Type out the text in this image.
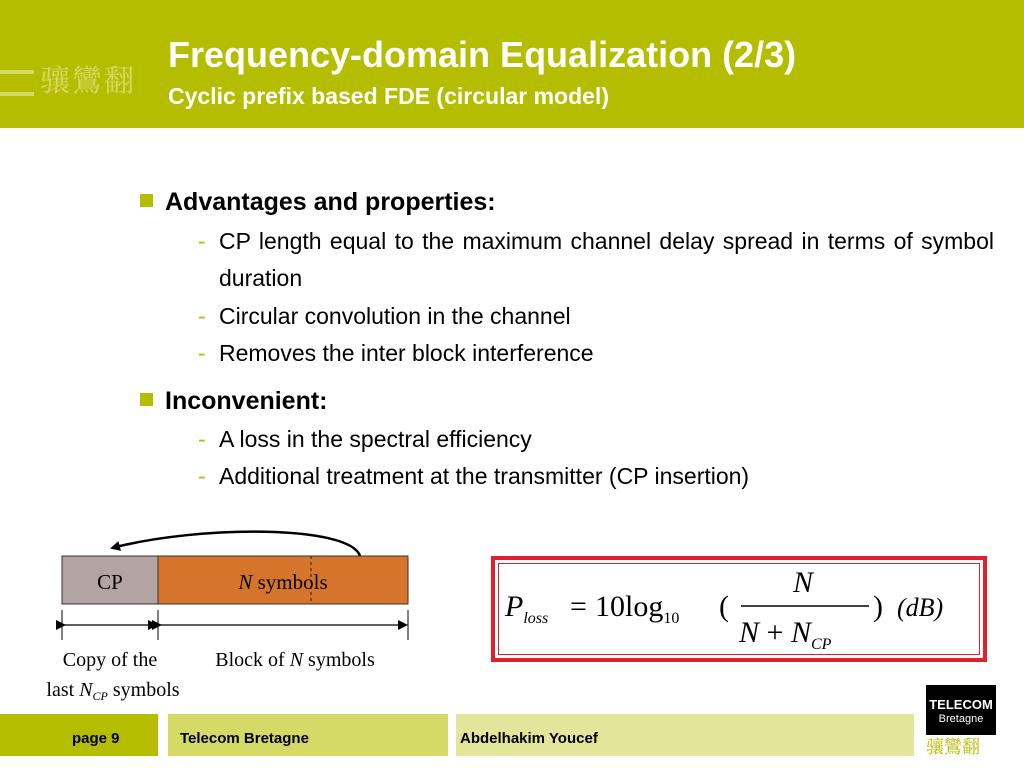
骧鸞翻
Frequency-domain Equalization (2/3)
Cyclic prefix based FDE (circular model)
Advantages and properties:
- CP length equal to the maximum channel delay spread in terms of symbol duration
- Circular convolution in the channel
- Removes the inter block interference
Inconvenient:
- A loss in the spectral efficiency
- Additional treatment at the transmitter (CP insertion)
CP	N symbols
Copy of the
last $N_{CP}$ symbols
Block of N symbols
$P_{loss} = 10\log_{10}$ (
N
$N + N_{CP}$
) (dB)
page 9	Telecom Bretagne	Abdelhakim Youcef
TELECOM
Bretagne
骧鸞翻
